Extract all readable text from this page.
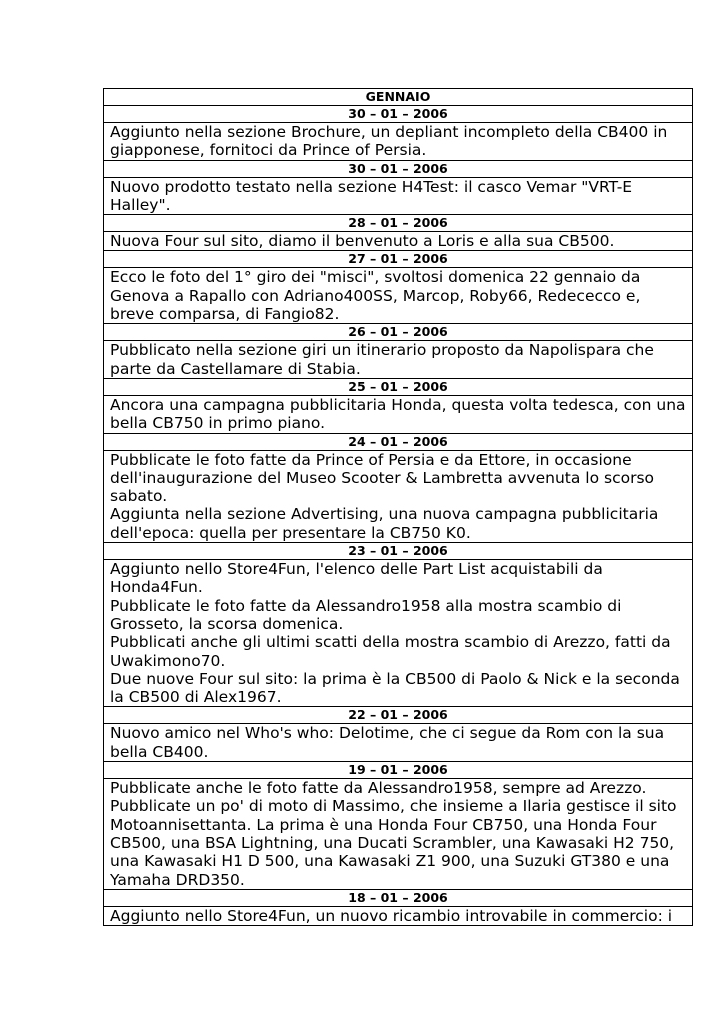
GENNAIO
30 – 01 – 2006

Aggiunto nella sezione Brochure, un depliant incompleto della CB400 in giapponese, fornitoci da Prince of Persia.

30 – 01 – 2006

Nuovo prodotto testato nella sezione H4Test: il casco Vemar "VRT-E Halley".

28 – 01 – 2006

Nuova Four sul sito, diamo il benvenuto a Loris e alla sua CB500.

27 – 01 – 2006

Ecco le foto del 1° giro dei "misci", svoltosi domenica 22 gennaio da Genova a Rapallo con Adriano400SS, Marcop, Roby66, Redececco e, breve comparsa, di Fangio82.

26 – 01 – 2006

Pubblicato nella sezione giri un itinerario proposto da Napolispara che parte da Castellamare di Stabia.

25 – 01 – 2006

Ancora una campagna pubblicitaria Honda, questa volta tedesca, con una bella CB750 in primo piano.

24 – 01 – 2006

Pubblicate le foto fatte da Prince of Persia e da Ettore, in occasione dell'inaugurazione del Museo Scooter & Lambretta avvenuta lo scorso sabato.
Aggiunta nella sezione Advertising, una nuova campagna pubblicitaria dell'epoca: quella per presentare la CB750 K0.

23 – 01 – 2006

Aggiunto nello Store4Fun, l'elenco delle Part List acquistabili da Honda4Fun.
Pubblicate le foto fatte da Alessandro1958 alla mostra scambio di Grosseto, la scorsa domenica.
Pubblicati anche gli ultimi scatti della mostra scambio di Arezzo, fatti da Uwakimono70.
Due nuove Four sul sito: la prima è la CB500 di Paolo & Nick e la seconda la CB500 di Alex1967.

22 – 01 – 2006

Nuovo amico nel Who's who: Delotime, che ci segue da Rom con la sua bella CB400.

19 – 01 – 2006

Pubblicate anche le foto fatte da Alessandro1958, sempre ad Arezzo.
Pubblicate un po' di moto di Massimo, che insieme a Ilaria gestisce il sito Motoannisettanta. La prima è una Honda Four CB750, una Honda Four CB500, una BSA Lightning, una Ducati Scrambler, una Kawasaki H2 750, una Kawasaki H1 D 500, una Kawasaki Z1 900, una Suzuki GT380 e una Yamaha DRD350.

18 – 01 – 2006

Aggiunto nello Store4Fun, un nuovo ricambio introvabile in commercio: i
